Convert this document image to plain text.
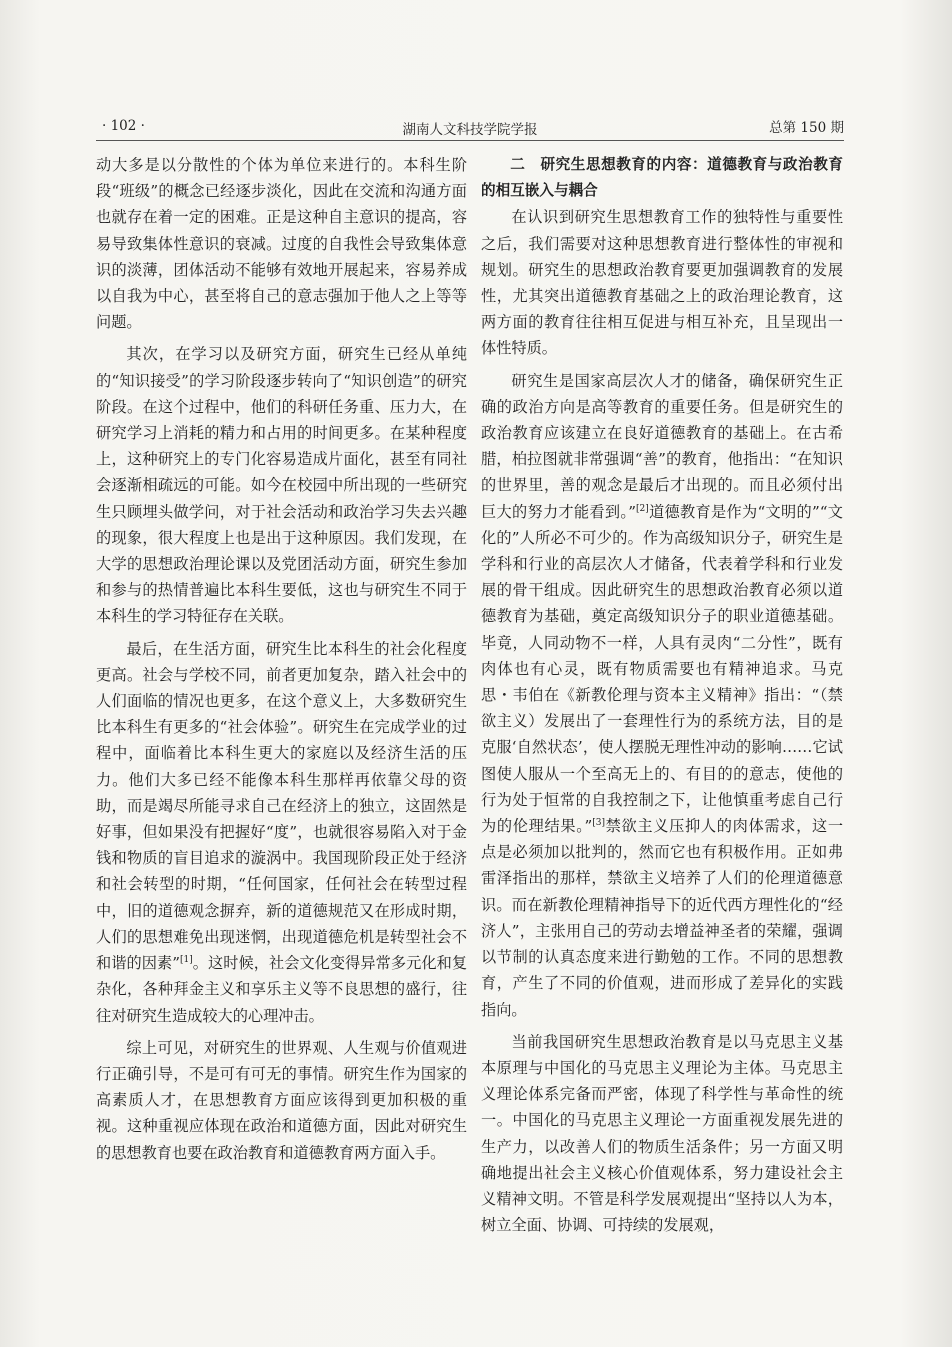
· 102 ·	湖南人文科技学院学报	总第 150 期

动大多是以分散性的个体为单位来进行的。本科生阶段“班级”的概念已经逐步淡化，因此在交流和沟通方面也就存在着一定的困难。正是这种自主意识的提高，容易导致集体性意识的衰减。过度的自我性会导致集体意识的淡薄，团体活动不能够有效地开展起来，容易养成以自我为中心，甚至将自己的意志强加于他人之上等等问题。

其次，在学习以及研究方面，研究生已经从单纯的“知识接受”的学习阶段逐步转向了“知识创造”的研究阶段。在这个过程中，他们的科研任务重、压力大，在研究学习上消耗的精力和占用的时间更多。在某种程度上，这种研究上的专门化容易造成片面化，甚至有同社会逐渐相疏远的可能。如今在校园中所出现的一些研究生只顾埋头做学问，对于社会活动和政治学习失去兴趣的现象，很大程度上也是出于这种原因。我们发现，在大学的思想政治理论课以及党团活动方面，研究生参加和参与的热情普遍比本科生要低，这也与研究生不同于本科生的学习特征存在关联。

最后，在生活方面，研究生比本科生的社会化程度更高。社会与学校不同，前者更加复杂，踏入社会中的人们面临的情况也更多，在这个意义上，大多数研究生比本科生有更多的“社会体验”。研究生在完成学业的过程中，面临着比本科生更大的家庭以及经济生活的压力。他们大多已经不能像本科生那样再依靠父母的资助，而是竭尽所能寻求自己在经济上的独立，这固然是好事，但如果没有把握好“度”，也就很容易陷入对于金钱和物质的盲目追求的漩涡中。我国现阶段正处于经济和社会转型的时期，“任何国家，任何社会在转型过程中，旧的道德观念摒弃，新的道德规范又在形成时期，人们的思想难免出现迷惘，出现道德危机是转型社会不和谐的因素”[1]。这时候，社会文化变得异常多元化和复杂化，各种拜金主义和享乐主义等不良思想的盛行，往往对研究生造成较大的心理冲击。

综上可见，对研究生的世界观、人生观与价值观进行正确引导，不是可有可无的事情。研究生作为国家的高素质人才，在思想教育方面应该得到更加积极的重视。这种重视应体现在政治和道德方面，因此对研究生的思想教育也要在政治教育和道德教育两方面入手。

二　研究生思想教育的内容：道德教育与政治教育的相互嵌入与耦合

在认识到研究生思想教育工作的独特性与重要性之后，我们需要对这种思想教育进行整体性的审视和规划。研究生的思想政治教育要更加强调教育的发展性，尤其突出道德教育基础之上的政治理论教育，这两方面的教育往往相互促进与相互补充，且呈现出一体性特质。

研究生是国家高层次人才的储备，确保研究生正确的政治方向是高等教育的重要任务。但是研究生的政治教育应该建立在良好道德教育的基础上。在古希腊，柏拉图就非常强调“善”的教育，他指出：“在知识的世界里，善的观念是最后才出现的。而且必须付出巨大的努力才能看到。”[2]道德教育是作为“文明的”“文化的”人所必不可少的。作为高级知识分子，研究生是学科和行业的高层次人才储备，代表着学科和行业发展的骨干组成。因此研究生的思想政治教育必须以道德教育为基础，奠定高级知识分子的职业道德基础。毕竟，人同动物不一样，人具有灵肉“二分性”，既有肉体也有心灵，既有物质需要也有精神追求。马克思・韦伯在《新教伦理与资本主义精神》指出：“（禁欲主义）发展出了一套理性行为的系统方法，目的是克服‘自然状态’，使人摆脱无理性冲动的影响……它试图使人服从一个至高无上的、有目的的意志，使他的行为处于恒常的自我控制之下，让他慎重考虑自己行为的伦理结果。”[3]禁欲主义压抑人的肉体需求，这一点是必须加以批判的，然而它也有积极作用。正如弗雷泽指出的那样，禁欲主义培养了人们的伦理道德意识。而在新教伦理精神指导下的近代西方理性化的“经济人”，主张用自己的劳动去增益神圣者的荣耀，强调以节制的认真态度来进行勤勉的工作。不同的思想教育，产生了不同的价值观，进而形成了差异化的实践指向。

当前我国研究生思想政治教育是以马克思主义基本原理与中国化的马克思主义理论为主体。马克思主义理论体系完备而严密，体现了科学性与革命性的统一。中国化的马克思主义理论一方面重视发展先进的生产力，以改善人们的物质生活条件；另一方面又明确地提出社会主义核心价值观体系，努力建设社会主义精神文明。不管是科学发展观提出“坚持以人为本，树立全面、协调、可持续的发展观，
